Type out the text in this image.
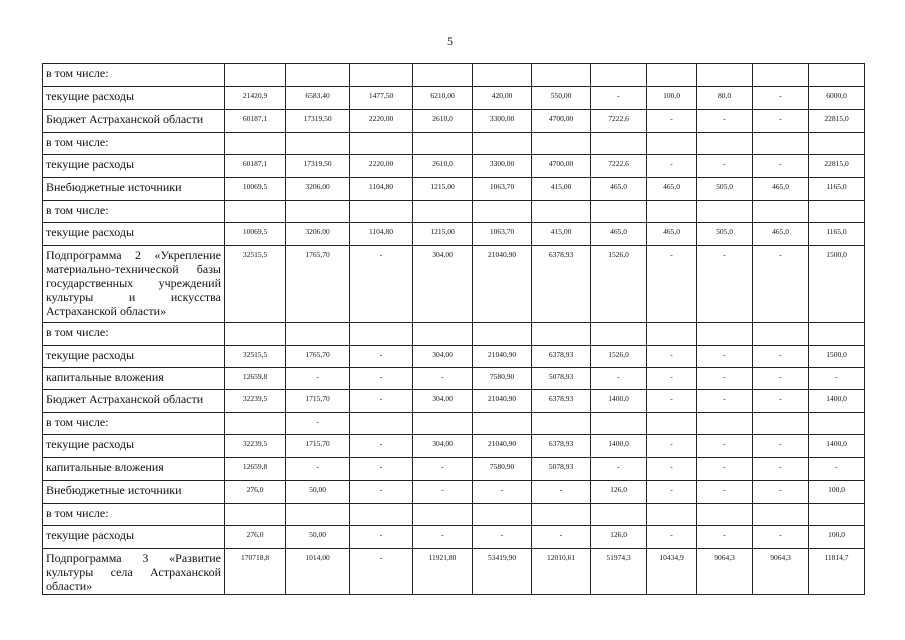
5
в том числе:											
текущие расходы	21420,9	6583,40	1477,50	6210,00	420,00	550,00	-	100,0	80,0	-	6000,0
Бюджет Астраханской области	60187,1	17319,50	2220,00	2610,0	3300,00	4700,00	7222,6	-	-	-	22815,0
в том числе:											
текущие расходы	60187,1	17319,50	2220,00	2610,0	3300,00	4700,00	7222,6	-	-	-	22815,0
Внебюджетные источники	10069,5	3206,00	1104,80	1215,00	1063,70	415,00	465,0	465,0	505,0	465,0	1165,0
в том числе:											
текущие расходы	10069,5	3206,00	1104,80	1215,00	1063,70	415,00	465,0	465,0	505,0	465,0	1165,0
Подпрограмма 2 «Укрепление материально-технической базы государственных учреждений культуры и искусства Астраханской области»	32515,5	1765,70	-	304,00	21040,90	6378,93	1526,0	-	-	-	1500,0
в том числе:											
текущие расходы	32515,5	1765,70	-	304,00	21040,90	6378,93	1526,0	-	-	-	1500,0
капитальные вложения	12659,8	-	-	-	7580,90	5078,93	-	-	-	-	-
Бюджет Астраханской области	32239,5	1715,70	-	304,00	21040,90	6378,93	1400,0	-	-	-	1400,0
в том числе:		-									
текущие расходы	32239,5	1715,70	-	304,00	21040,90	6378,93	1400,0	-	-	-	1400,0
капитальные вложения	12659,8	-	-	-	7580,90	5078,93	-	-	-	-	-
Внебюджетные источники	276,0	50,00	-	-	-	-	126,0	-	-	-	100,0
в том числе:											
текущие расходы	276,0	50,00	-	-	-	-	126,0	-	-	-	100,0
Подпрограмма 3 «Развитие культуры села Астраханской области»	170718,8	1014,00	-	11921,80	53419,90	12010,61	51974,3	10434,9	9064,3	9064,3	11814,7
